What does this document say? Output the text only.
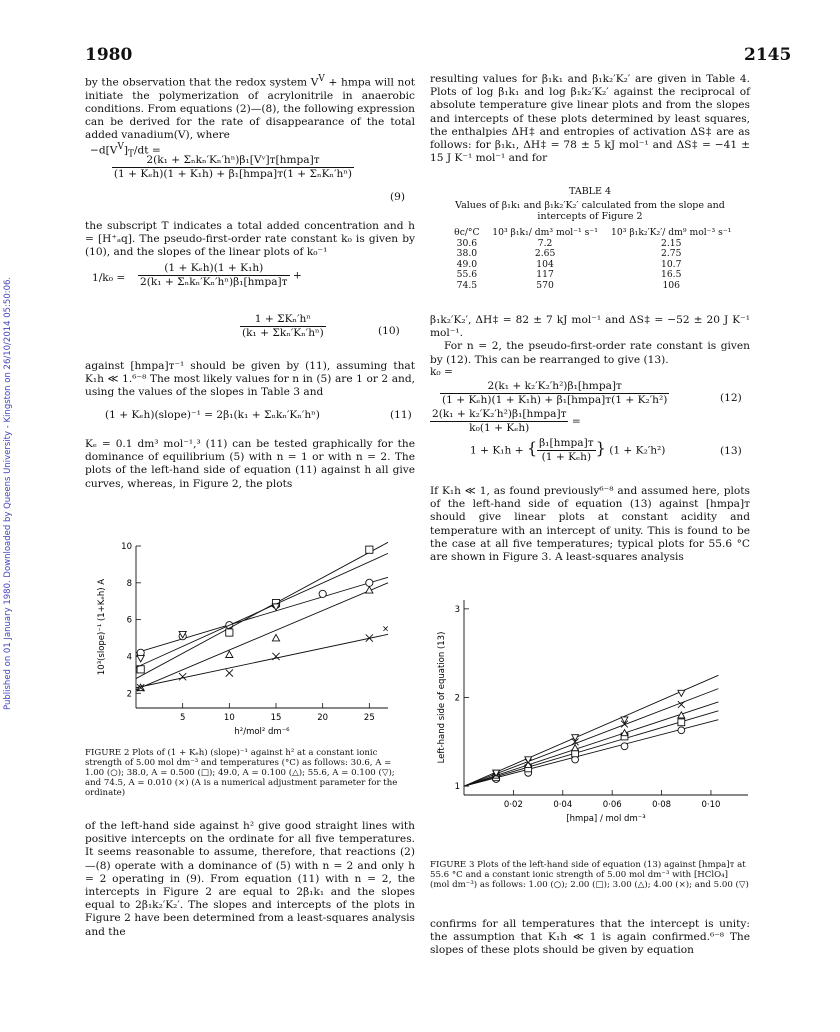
Published on 01 January 1980. Downloaded by Queens University - Kingston on 26/10/2014 05:50:06.
1980	2145

by the observation that the redox system $V^V$ + hmpa will not initiate the polymerization of acrylonitrile in anaerobic conditions. From equations (2)—(8), the following expression can be derived for the rate of disappearance of the total added vanadium(V), where

$-d[V^V]_T/dt$ =
$\frac{\text{2(k₁ + Σₙkₙ′Kₙ′hⁿ)β₁[Vᵛ]ᴛ[hmpa]ᴛ}}{\text{(1 + Kₑh)(1 + K₁h) + β₁[hmpa]ᴛ(1 + ΣₙKₙ′hⁿ)}}$
(9)

the subscript T indicates a total added concentration and h = [H⁺ₐq]. The pseudo-first-order rate constant k₀ is given by (10), and the slopes of the linear plots of k₀⁻¹

$1/k_0 = \frac{\text{(1 + Kₑh)(1 + K₁h)}}{\text{2(k₁ + Σₙkₙ′Kₙ′hⁿ)β₁[hmpa]ᴛ}}$ +
$\frac{\text{1 + ΣKₙ′hⁿ}}{\text{(k₁ + Σkₙ′Kₙ′hⁿ)}}$	(10)

against [hmpa]ᴛ⁻¹ should be given by (11), assuming that K₁h ≪ 1.⁶⁻⁸ The most likely values for n in (5) are 1 or 2 and, using the values of the slopes in Table 3 and

(1 + Kₑh)(slope)⁻¹ = 2β₁(k₁ + Σₙkₙ′Kₙ′hⁿ)	(11)

Kₑ = 0.1 dm³ mol⁻¹,³ (11) can be tested graphically for the dominance of equilibrium (5) with n = 1 or with n = 2. The plots of the left-hand side of equation (11) against h all give curves, whereas, in Figure 2, the plots

5	10	15	20	25
2
4
6
8
10
h²/mol² dm⁻⁶
10³(slope)⁻¹ (1+Kₑh) A	×
FIGURE 2 Plots of (1 + Kₑh) (slope)⁻¹ against h² at a constant ionic strength of 5.00 mol dm⁻³ and temperatures (°C) as follows: 30.6, A = 1.00 (○); 38.0, A = 0.500 (□); 49.0, A = 0.100 (△); 55.6, A = 0.100 (▽); and 74.5, A = 0.010 (×) (A is a numerical adjustment parameter for the ordinate)

of the left-hand side against h² give good straight lines with positive intercepts on the ordinate for all five temperatures. It seems reasonable to assume, therefore, that reactions (2)—(8) operate with a dominance of (5) with n = 2 and only h = 2 operating in (9). From equation (11) with n = 2, the intercepts in Figure 2 are equal to 2β₁k₁ and the slopes equal to 2β₁k₂′K₂′. The slopes and intercepts of the plots in Figure 2 have been determined from a least-squares analysis and the

resulting values for β₁k₁ and β₁k₂′K₂′ are given in Table 4. Plots of log β₁k₁ and log β₁k₂′K₂′ against the reciprocal of absolute temperature give linear plots and from the slopes and intercepts of these plots determined by least squares, the enthalpies ΔH‡ and entropies of activation ΔS‡ are as follows: for β₁k₁, ΔH‡ = 78 ± 5 kJ mol⁻¹ and ΔS‡ = −41 ± 15 J K⁻¹ mol⁻¹ and for

TABLE 4
Values of β₁k₁ and β₁k₂′K₂′ calculated from the slope and intercepts of Figure 2
θc/°C	10³ β₁k₁/ dm³ mol⁻¹ s⁻¹	10³ β₁k₂′K₂′/ dm⁹ mol⁻³ s⁻¹
30.6	7.2	2.15
38.0	2.65	2.75
49.0	104	10.7
55.6	117	16.5
74.5	570	106

β₁k₂′K₂′, ΔH‡ = 82 ± 7 kJ mol⁻¹ and ΔS‡ = −52 ± 20 J K⁻¹ mol⁻¹.

For n = 2, the pseudo-first-order rate constant is given by (12). This can be rearranged to give (13).

k₀ =
$\frac{\text{2(k₁ + k₂′K₂′h²)β₁[hmpa]ᴛ}}{\text{(1 + Kₑh)(1 + K₁h) + β₁[hmpa]ᴛ(1 + K₂′h²)}}$	(12)
$\frac{\text{2(k₁ + k₂′K₂′h²)β₁[hmpa]ᴛ}}{\text{k₀(1 + Kₑh)}}$ =
1 + K₁h + { $\frac{\text{β₁[hmpa]ᴛ}}{\text{(1 + Kₑh)}}$ } (1 + K₂′h²)	(13)

If K₁h ≪ 1, as found previously⁶⁻⁸ and assumed here, plots of the left-hand side of equation (13) against [hmpa]ᴛ should give linear plots at constant acidity and temperature with an intercept of unity. This is found to be the case at all five temperatures; typical plots for 55.6 °C are shown in Figure 3. A least-squares analysis

0·02	0·04	0·06	0·08	0·10
1
2
3
[hmpa] / mol dm⁻³
Left-hand side of equation (13)
FIGURE 3 Plots of the left-hand side of equation (13) against [hmpa]ᴛ at 55.6 °C and a constant ionic strength of 5.00 mol dm⁻³ with [HClO₄] (mol dm⁻³) as follows: 1.00 (○); 2.00 (□); 3.00 (△); 4.00 (×); and 5.00 (▽)

confirms for all temperatures that the intercept is unity: the assumption that K₁h ≪ 1 is again confirmed.⁶⁻⁸ The slopes of these plots should be given by equation
